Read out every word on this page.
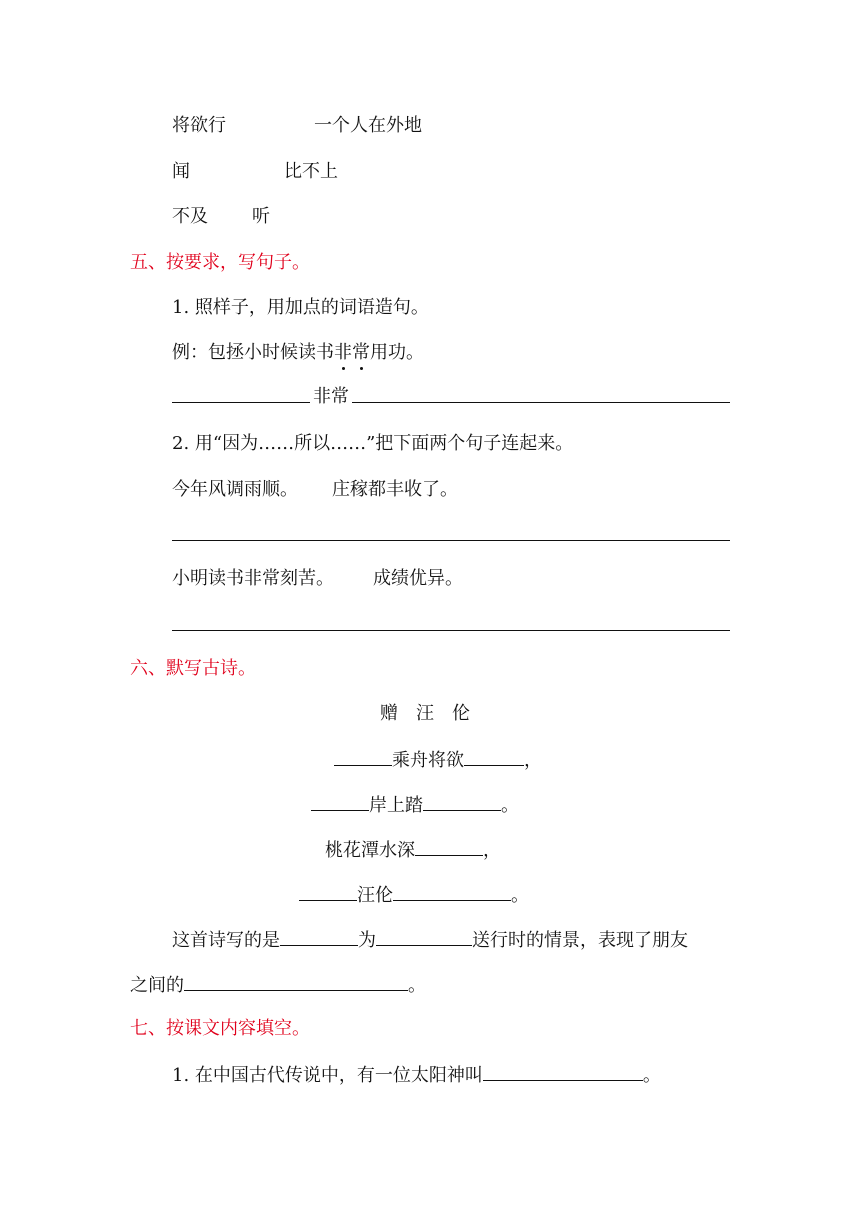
将欲行	一个人在外地
闻	比不上
不及 听
五、按要求，写句子。
1. 照样子，用加点的词语造句。
例：包拯小时候读书非常用功。
非常
2. 用“因为……所以……”把下面两个句子连起来。
今年风调雨顺。 庄稼都丰收了。
小明读书非常刻苦。 成绩优异。
六、默写古诗。
赠　汪　伦
乘舟将欲	，
岸上踏	。
桃花潭水深	，
汪伦	。
这首诗写的是	为	送行时的情景，表现了朋友
之间的	。
七、按课文内容填空。
1. 在中国古代传说中，有一位太阳神叫	。
